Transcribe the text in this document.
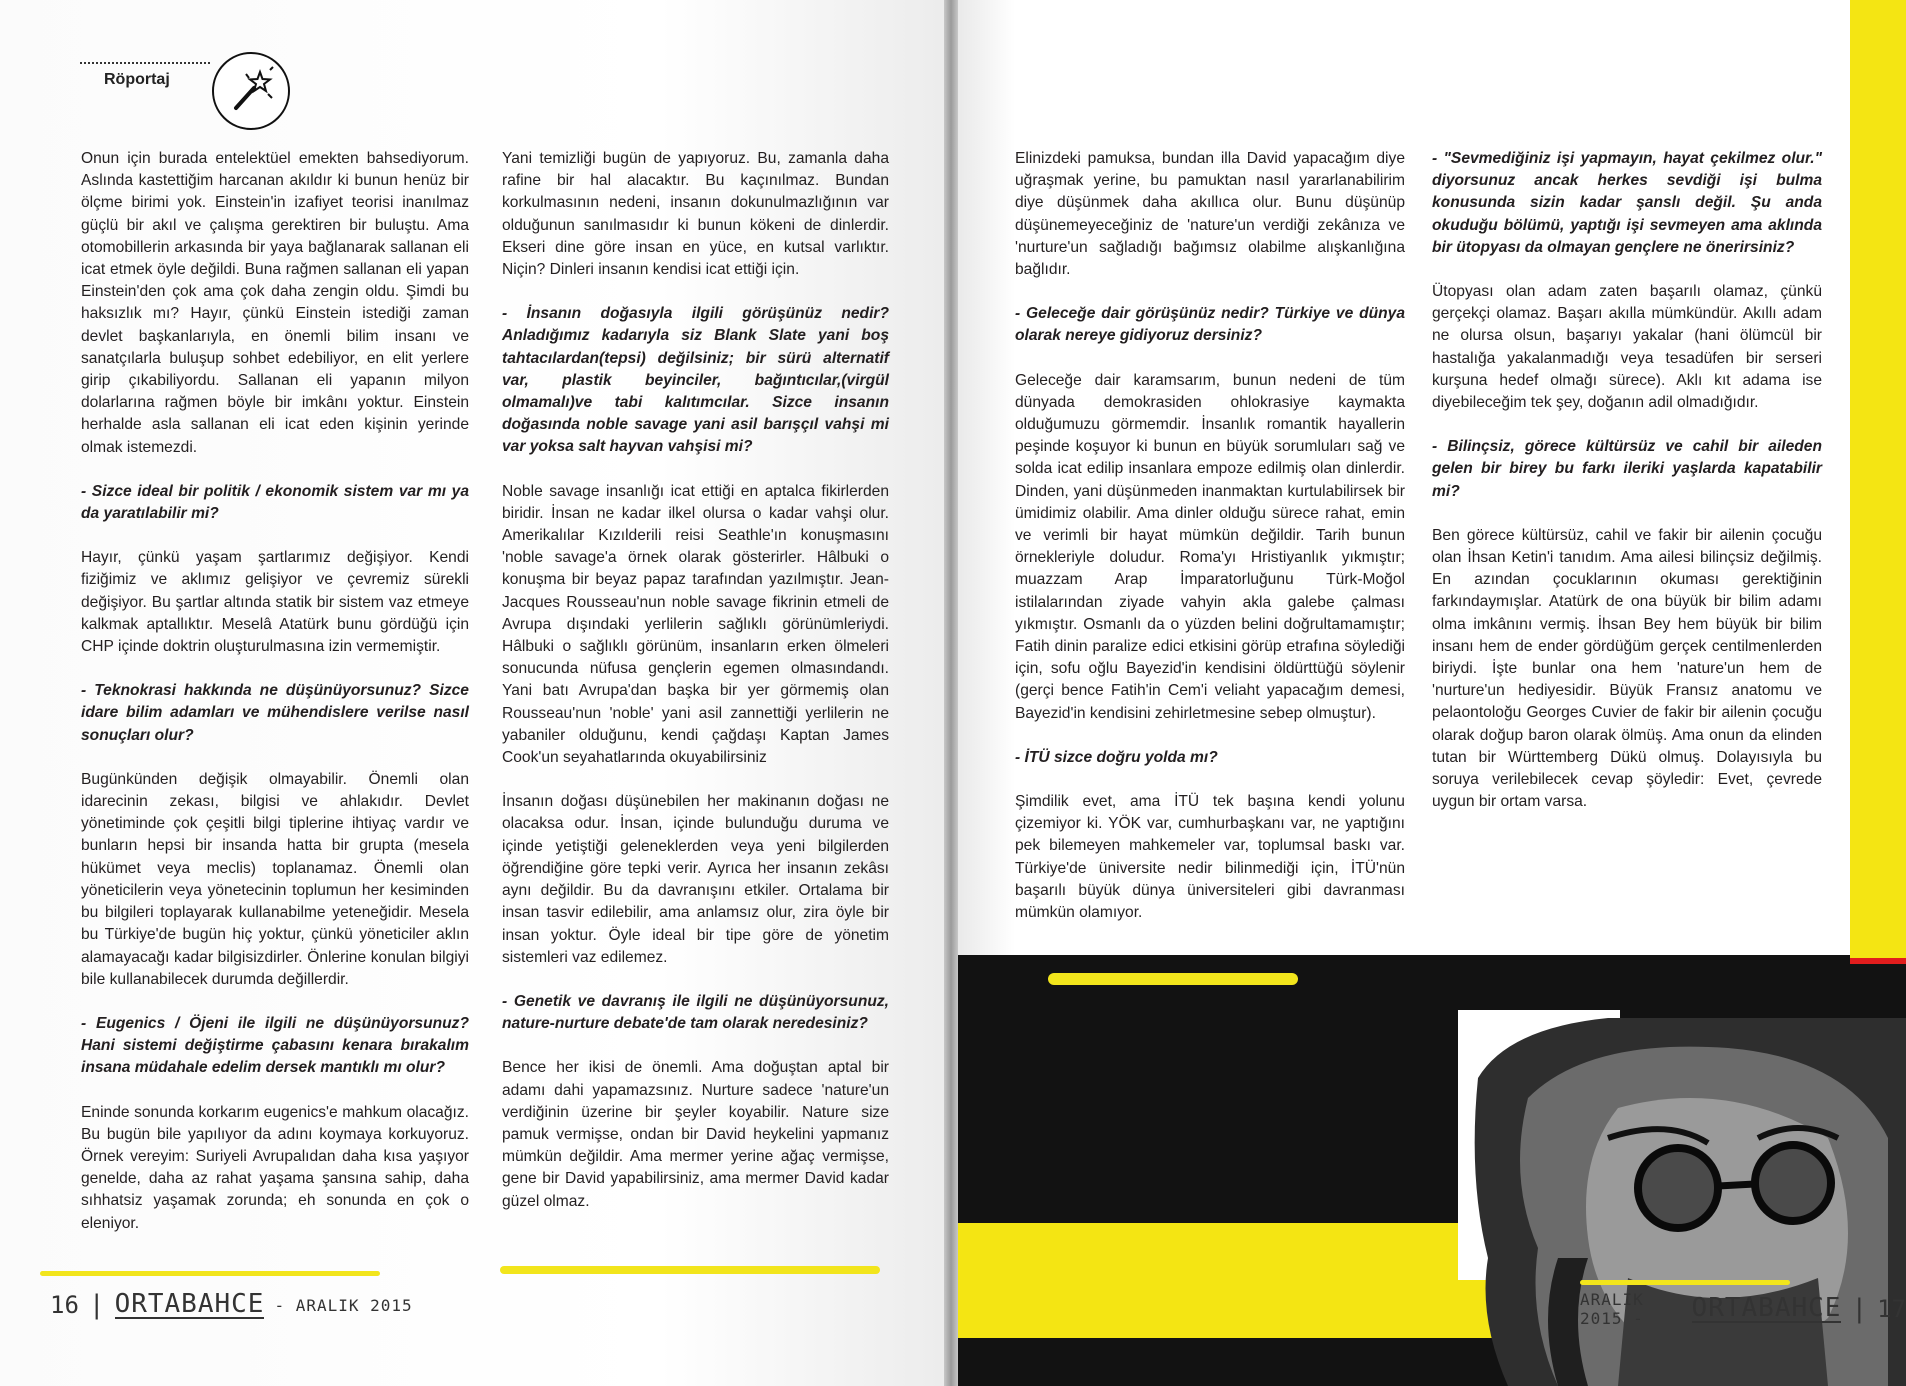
Röportaj

Onun için burada entelektüel emekten bahsediyorum. Aslında kastettiğim harcanan akıldır ki bunun henüz bir ölçme birimi yok. Einstein'in izafiyet teorisi inanılmaz güçlü bir akıl ve çalışma gerektiren bir buluştu. Ama otomobillerin arkasında bir yaya bağlanarak sallanan eli icat etmek öyle değildi. Buna rağmen sallanan eli yapan Einstein'den çok ama çok daha zengin oldu. Şimdi bu haksızlık mı? Hayır, çünkü Einstein istediği zaman devlet başkanlarıyla, en önemli bilim insanı ve sanatçılarla buluşup sohbet edebiliyor, en elit yerlere girip çıkabiliyordu. Sallanan eli yapanın milyon dolarlarına rağmen böyle bir imkânı yoktur. Einstein herhalde asla sallanan eli icat eden kişinin yerinde olmak istemezdi.

- Sizce ideal bir politik / ekonomik sistem var mı ya da yaratılabilir mi?

Hayır, çünkü yaşam şartlarımız değişiyor. Kendi fiziğimiz ve aklımız gelişiyor ve çevremiz sürekli değişiyor. Bu şartlar altında statik bir sistem vaz etmeye kalkmak aptallıktır. Meselâ Atatürk bunu gördüğü için CHP içinde doktrin oluşturulmasına izin vermemiştir.

- Teknokrasi hakkında ne düşünüyorsunuz? Sizce idare bilim adamları ve mühendislere verilse nasıl sonuçları olur?

Bugünkünden değişik olmayabilir. Önemli olan idarecinin zekası, bilgisi ve ahlakıdır. Devlet yönetiminde çok çeşitli bilgi tiplerine ihtiyaç vardır ve bunların hepsi bir insanda hatta bir grupta (mesela hükümet veya meclis) toplanamaz. Önemli olan yöneticilerin veya yönetecinin toplumun her kesiminden bu bilgileri toplayarak kullanabilme yeteneğidir. Mesela bu Türkiye'de bugün hiç yoktur, çünkü yöneticiler aklın alamayacağı kadar bilgisizdirler. Önlerine konulan bilgiyi bile kullanabilecek durumda değillerdir.

- Eugenics / Öjeni ile ilgili ne düşünüyorsunuz? Hani sistemi değiştirme çabasını kenara bırakalım insana müdahale edelim dersek mantıklı mı olur?

Eninde sonunda korkarım eugenics'e mahkum olacağız. Bu bugün bile yapılıyor da adını koymaya korkuyoruz. Örnek vereyim: Suriyeli Avrupalıdan daha kısa yaşıyor genelde, daha az rahat yaşama şansına sahip, daha sıhhatsiz yaşamak zorunda; eh sonunda en çok o eleniyor.

Yani temizliği bugün de yapıyoruz. Bu, zamanla daha rafine bir hal alacaktır. Bu kaçınılmaz. Bundan korkulmasının nedeni, insanın dokunulmazlığının var olduğunun sanılmasıdır ki bunun kökeni de dinlerdir. Ekseri dine göre insan en yüce, en kutsal varlıktır. Niçin? Dinleri insanın kendisi icat ettiği için.

- İnsanın doğasıyla ilgili görüşünüz nedir? Anladığımız kadarıyla siz Blank Slate yani boş tahtacılardan(tepsi) değilsiniz; bir sürü alternatif var, plastik beyinciler, bağıntıcılar,(virgül olmamalı)ve tabi kalıtımcılar. Sizce insanın doğasında noble savage yani asil barışçıl vahşi mi var yoksa salt hayvan vahşisi mi?

Noble savage insanlığı icat ettiği en aptalca fikirlerden biridir. İnsan ne kadar ilkel olursa o kadar vahşi olur. Amerikalılar Kızılderili reisi Seathle'ın konuşmasını 'noble savage'a örnek olarak gösterirler. Hâlbuki o konuşma bir beyaz papaz tarafından yazılmıştır. Jean-Jacques Rousseau'nun noble savage fikrinin etmeli de Avrupa dışındaki yerlilerin sağlıklı görünümleriydi. Hâlbuki o sağlıklı görünüm, insanların erken ölmeleri sonucunda nüfusa gençlerin egemen olmasındandı. Yani batı Avrupa'dan başka bir yer görmemiş olan Rousseau'nun 'noble' yani asil zannettiği yerlilerin ne yabaniler olduğunu, kendi çağdaşı Kaptan James Cook'un seyahatlarında okuyabilirsiniz

İnsanın doğası düşünebilen her makinanın doğası ne olacaksa odur. İnsan, içinde bulunduğu duruma ve içinde yetiştiği geleneklerden veya yeni bilgilerden öğrendiğine göre tepki verir. Ayrıca her insanın zekâsı aynı değildir. Bu da davranışını etkiler. Ortalama bir insan tasvir edilebilir, ama anlamsız olur, zira öyle bir insan yoktur. Öyle ideal bir tipe göre de yönetim sistemleri vaz edilemez.

- Genetik ve davranış ile ilgili ne düşünüyorsunuz, nature-nurture debate'de tam olarak neredesiniz?

Bence her ikisi de önemli. Ama doğuştan aptal bir adamı dahi yapamazsınız. Nurture sadece 'nature'un verdiğinin üzerine bir şeyler koyabilir. Nature size pamuk vermişse, ondan bir David heykelini yapmanız mümkün değildir. Ama mermer yerine ağaç vermişse, gene bir David yapabilirsiniz, ama mermer David kadar güzel olmaz.

16 | ORTABAHCE - ARALIK 2015

Elinizdeki pamuksa, bundan illa David yapacağım diye uğraşmak yerine, bu pamuktan nasıl yararlanabilirim diye düşünmek daha akıllıca olur. Bunu düşünüp düşünemeyeceğiniz de 'nature'un verdiği zekânıza ve 'nurture'un sağladığı bağımsız olabilme alışkanlığına bağlıdır.

- Geleceğe dair görüşünüz nedir? Türkiye ve dünya olarak nereye gidiyoruz dersiniz?

Geleceğe dair karamsarım, bunun nedeni de tüm dünyada demokrasiden ohlokrasiye kaymakta olduğumuzu görmemdir. İnsanlık romantik hayallerin peşinde koşuyor ki bunun en büyük sorumluları sağ ve solda icat edilip insanlara empoze edilmiş olan dinlerdir. Dinden, yani düşünmeden inanmaktan kurtulabilirsek bir ümidimiz olabilir. Ama dinler olduğu sürece rahat, emin ve verimli bir hayat mümkün değildir. Tarih bunun örnekleriyle doludur. Roma'yı Hristiyanlık yıkmıştır; muazzam Arap İmparatorluğunu Türk-Moğol istilalarından ziyade vahyin akla galebe çalması yıkmıştır. Osmanlı da o yüzden belini doğrultamamıştır; Fatih dinin paralize edici etkisini görüp etrafına söylediği için, sofu oğlu Bayezid'in kendisini öldürttüğü söylenir (gerçi bence Fatih'in Cem'i veliaht yapacağım demesi, Bayezid'in kendisini zehirletmesine sebep olmuştur).

- İTÜ sizce doğru yolda mı?

Şimdilik evet, ama İTÜ tek başına kendi yolunu çizemiyor ki. YÖK var, cumhurbaşkanı var, ne yaptığını pek bilemeyen mahkemeler var, toplumsal baskı var. Türkiye'de üniversite nedir bilinmediği için, İTÜ'nün başarılı büyük dünya üniversiteleri gibi davranması mümkün olamıyor.

- "Sevmediğiniz işi yapmayın, hayat çekilmez olur." diyorsunuz ancak herkes sevdiği işi bulma konusunda sizin kadar şanslı değil. Şu anda okuduğu bölümü, yaptığı işi sevmeyen ama aklında bir ütopyası da olmayan gençlere ne önerirsiniz?

Ütopyası olan adam zaten başarılı olamaz, çünkü gerçekçi olamaz. Başarı akılla mümkündür. Akıllı adam ne olursa olsun, başarıyı yakalar (hani ölümcül bir hastalığa yakalanmadığı veya tesadüfen bir serseri kurşuna hedef olmağı sürece). Aklı kıt adama ise diyebileceğim tek şey, doğanın adil olmadığıdır.

- Bilinçsiz, görece kültürsüz ve cahil bir aileden gelen bir birey bu farkı ileriki yaşlarda kapatabilir mi?

Ben görece kültürsüz, cahil ve fakir bir ailenin çocuğu olan İhsan Ketin'i tanıdım. Ama ailesi bilinçsiz değilmiş. En azından çocuklarının okuması gerektiğinin farkındaymışlar. Atatürk de ona büyük bir bilim adamı olma imkânını vermiş. İhsan Bey hem büyük bir bilim insanı hem de ender gördüğüm gerçek centilmenlerden biriydi. İşte bunlar ona hem 'nature'un hem de 'nurture'un hediyesidir. Büyük Fransız anatomu ve pelaontoloğu Georges Cuvier de fakir bir ailenin çocuğu olarak doğup baron olarak ölmüş. Ama onun da elinden tutan bir Württemberg Dükü olmuş. Dolayısıyla bu soruya verilebilecek cevap şöyledir: Evet, çevrede uygun bir ortam varsa.

ARALIK 2015 -	ORTABAHCE | 17
